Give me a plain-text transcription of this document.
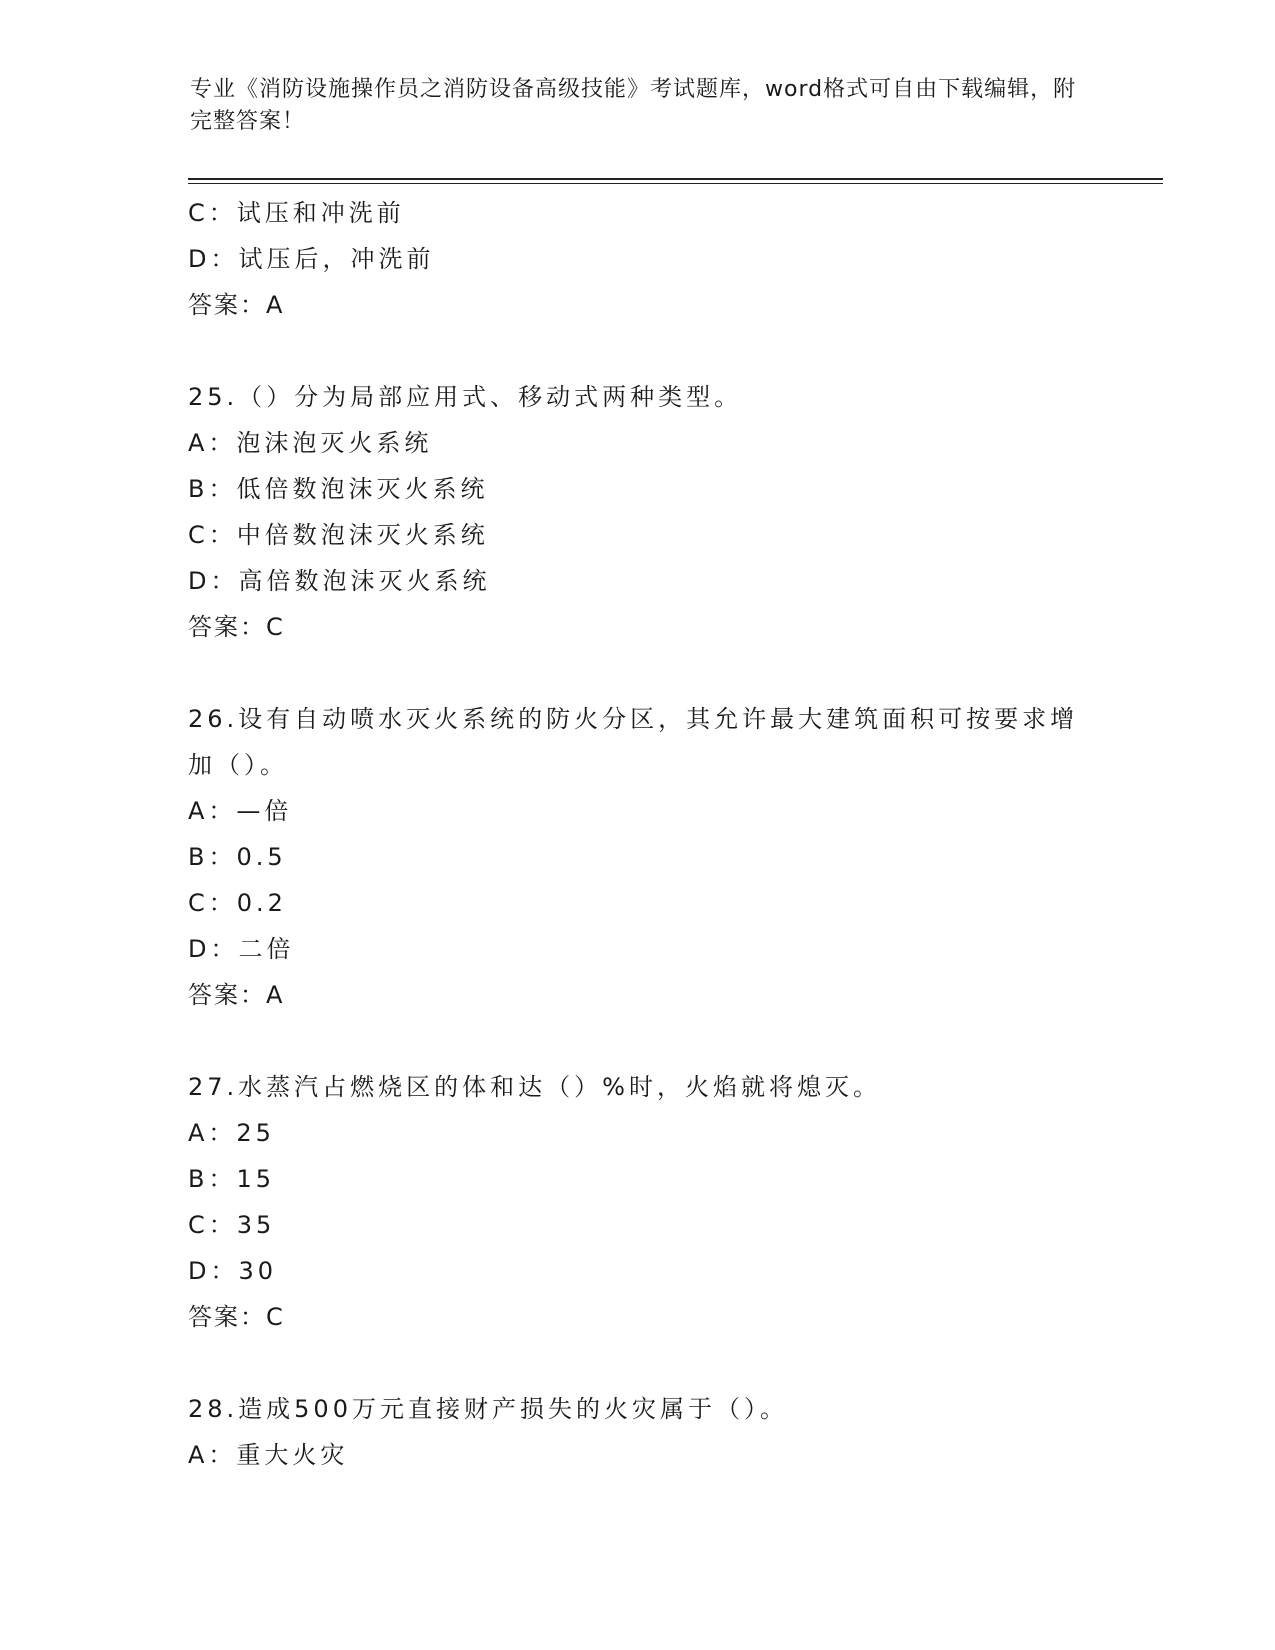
专业《消防设施操作员之消防设备高级技能》考试题库，word格式可自由下载编辑，附完整答案！
C：试压和冲洗前
D：试压后，冲洗前
答案：A
25.（）分为局部应用式、移动式两种类型。
A：泡沫泡灭火系统
B：低倍数泡沫灭火系统
C：中倍数泡沫灭火系统
D：高倍数泡沫灭火系统
答案：C
26.设有自动喷水灭火系统的防火分区，其允许最大建筑面积可按要求增加（）。
A：—倍
B：0.5
C：0.2
D：二倍
答案：A
27.水蒸汽占燃烧区的体和达（）%时，火焰就将熄灭。
A：25
B：15
C：35
D：30
答案：C
28.造成500万元直接财产损失的火灾属于（）。
A：重大火灾
